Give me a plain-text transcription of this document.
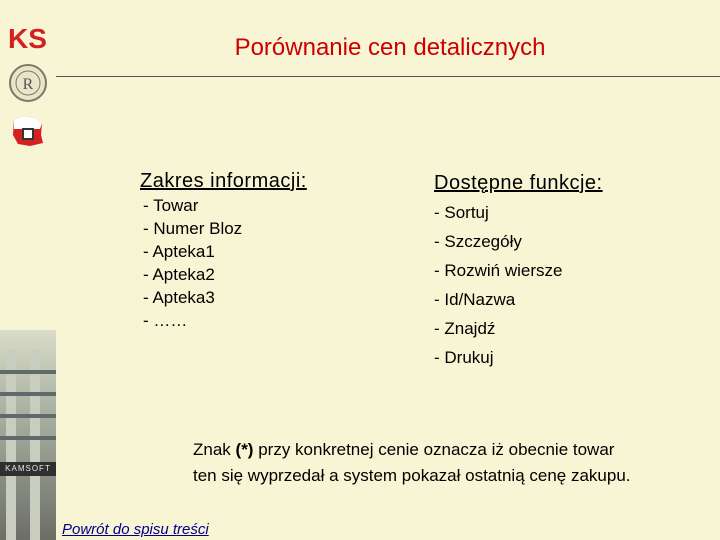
KS
R
KAMSOFT
Porównanie cen detalicznych
Zakres informacji:
- Towar
- Numer Bloz
- Apteka1
- Apteka2
- Apteka3
- ……
Dostępne funkcje:
- Sortuj
- Szczegóły
- Rozwiń wiersze
- Id/Nazwa
- Znajdź
- Drukuj
Znak (*) przy konkretnej cenie oznacza iż obecnie towar
ten się wyprzedał a system pokazał ostatnią cenę zakupu.
Powrót do spisu treści
